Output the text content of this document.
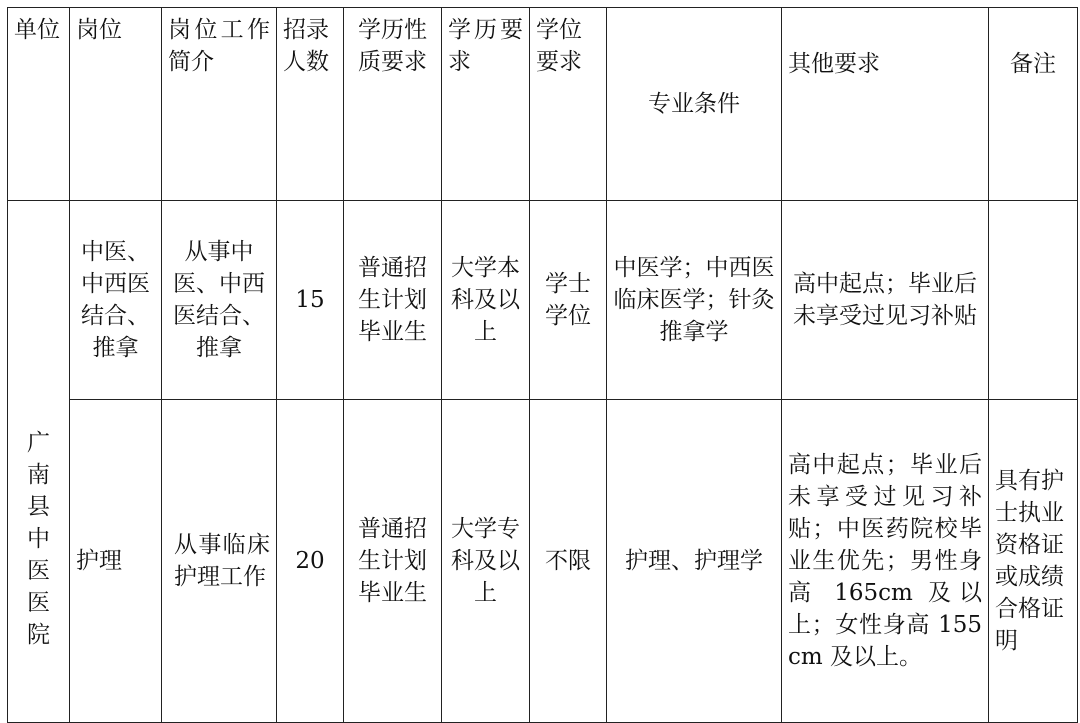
单位	岗位	岗位工作简介	招录人数	学历性质要求	学历要求	学位要求	专业条件	其他要求	备注
广南县中医医院	中医、中西医结合、推拿	从事中医、中西医结合、推拿	15	普通招生计划毕业生	大学本科及以上	学士学位	中医学；中西医临床医学；针灸推拿学	高中起点；毕业后未享受过见习补贴	
	护理	从事临床护理工作	20	普通招生计划毕业生	大学专科及以上	不限	护理、护理学	高中起点；毕业后未享受过见习补贴；中医药院校毕业生优先；男性身高 165cm 及以上；女性身高 155cm 及以上。	具有护士执业资格证或成绩合格证明
